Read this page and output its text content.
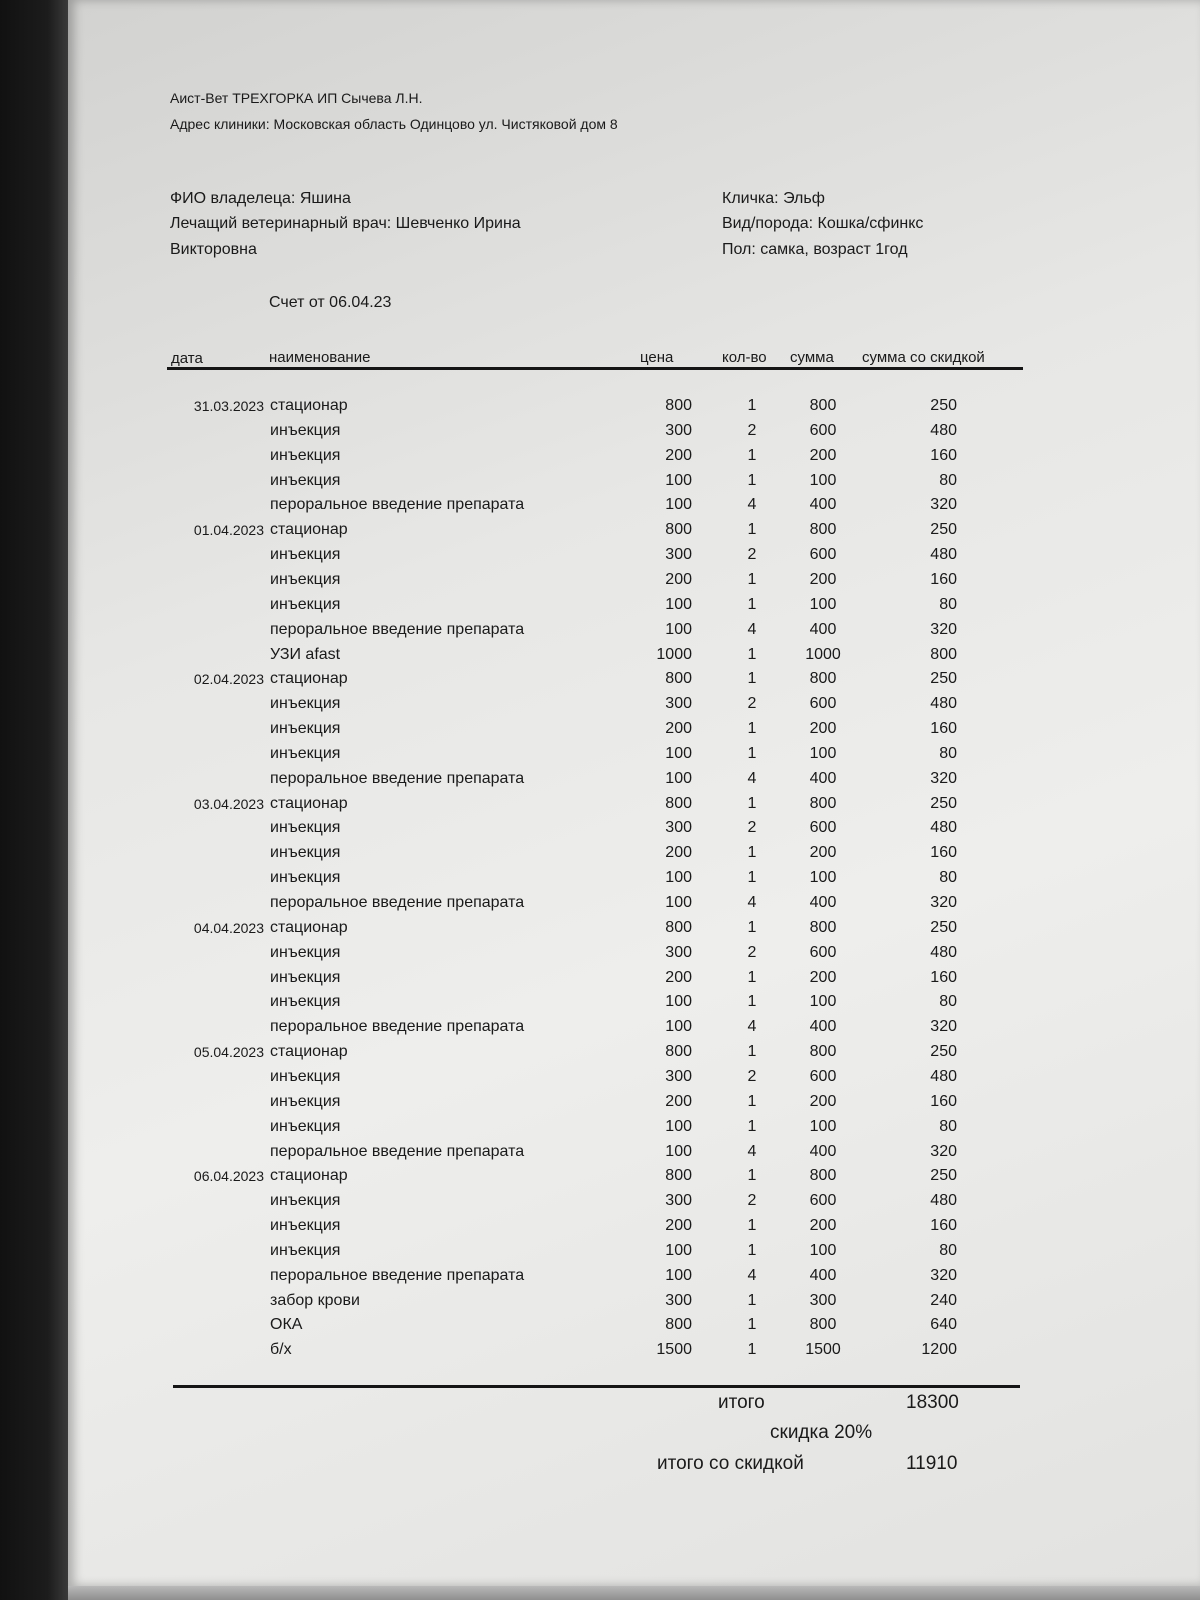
Аист-Вет ТРЕХГОРКА ИП Сычева Л.Н.
Адрес клиники: Московская область Одинцово ул. Чистяковой дом 8
ФИО владелеца: Яшина
Лечащий ветеринарный врач: Шевченко Ирина
Викторовна
Кличка: Эльф
Вид/порода: Кошка/сфинкс
Пол: самка, возраст 1год
Счет от 06.04.23
дата	наименование	цена	кол-во сумма сумма со скидкой
31.03.2023 стационар	800	1	800	250
инъекция	300	2	600	480
инъекция	200	1	200	160
инъекция	100	1	100	80
пероральное введение препарата	100	4	400	320
01.04.2023 стационар	800	1	800	250
инъекция	300	2	600	480
инъекция	200	1	200	160
инъекция	100	1	100	80
пероральное введение препарата	100	4	400	320
УЗИ afast	1000	1	1000	800
02.04.2023 стационар	800	1	800	250
инъекция	300	2	600	480
инъекция	200	1	200	160
инъекция	100	1	100	80
пероральное введение препарата	100	4	400	320
03.04.2023 стационар	800	1	800	250
инъекция	300	2	600	480
инъекция	200	1	200	160
инъекция	100	1	100	80
пероральное введение препарата	100	4	400	320
04.04.2023 стационар	800	1	800	250
инъекция	300	2	600	480
инъекция	200	1	200	160
инъекция	100	1	100	80
пероральное введение препарата	100	4	400	320
05.04.2023 стационар	800	1	800	250
инъекция	300	2	600	480
инъекция	200	1	200	160
инъекция	100	1	100	80
пероральное введение препарата	100	4	400	320
06.04.2023 стационар	800	1	800	250
инъекция	300	2	600	480
инъекция	200	1	200	160
инъекция	100	1	100	80
пероральное введение препарата	100	4	400	320
забор крови	300	1	300	240
ОКА	800	1	800	640
б/х	1500	1	1500	1200
итого	18300
скидка 20%
итого со скидкой	11910
